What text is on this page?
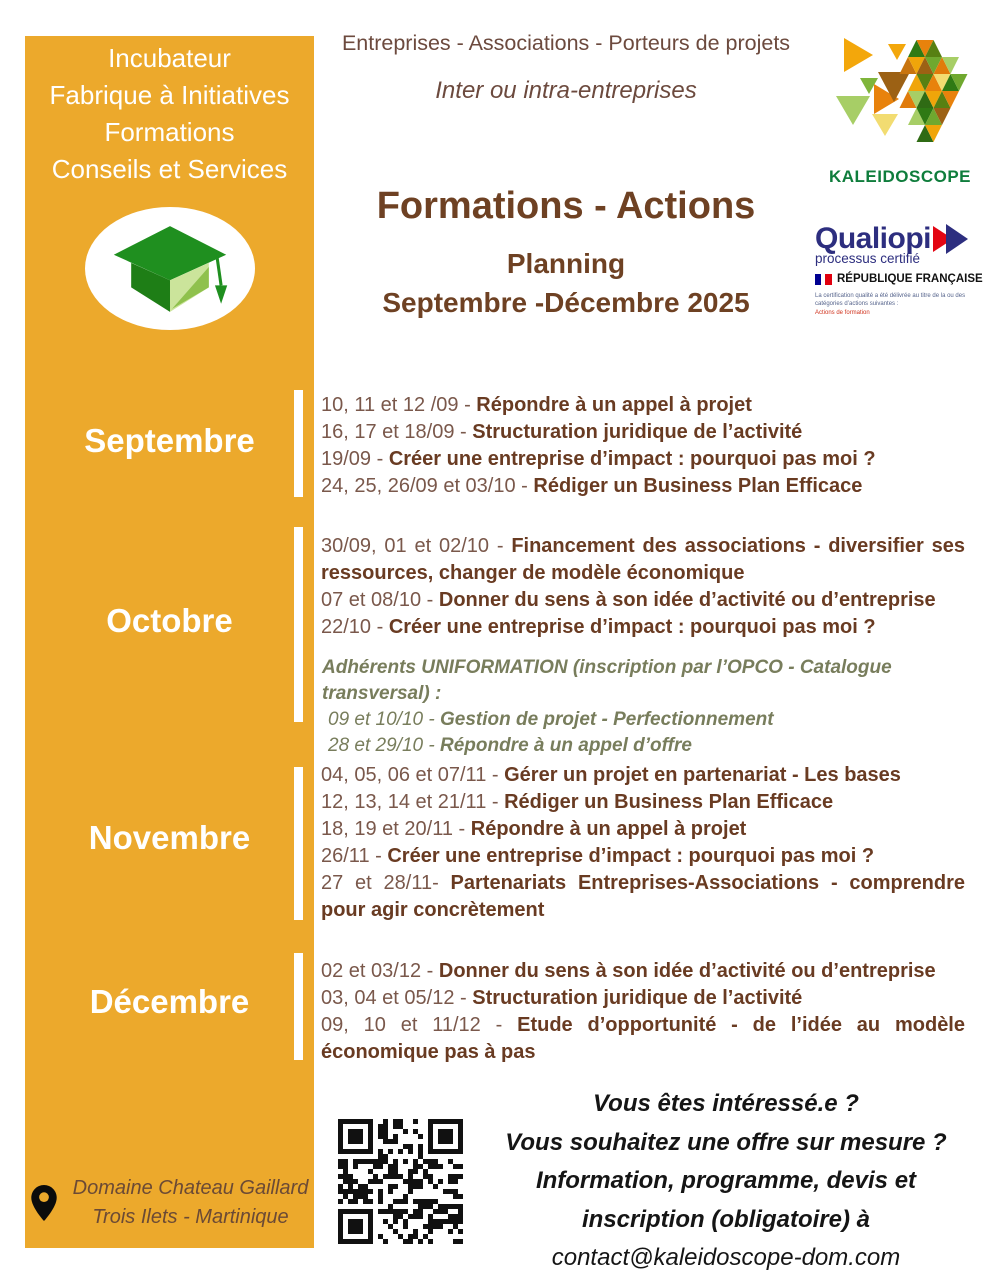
Incubateur
Fabrique à Initiatives
Formations
Conseils et Services
Septembre
Octobre
Novembre
Décembre
Domaine Chateau Gaillard
Trois Ilets - Martinique
Entreprises - Associations - Porteurs de projets
Inter ou intra-entreprises
KALEIDOSCOPE
Formations - Actions
Planning
Septembre -Décembre 2025
Qualiopi
processus certifié
RÉPUBLIQUE FRANÇAISE
La certification qualité a été délivrée au titre de la ou des catégories d’actions suivantes :
Actions de formation

10, 11 et 12 /09 - Répondre à un appel à projet

16, 17 et 18/09 - Structuration juridique de l’activité

19/09 - Créer une entreprise d’impact : pourquoi pas moi ?

24, 25, 26/09 et 03/10 - Rédiger un Business Plan Efficace

30/09, 01 et 02/10 - Financement des associations - diversifier ses ressources, changer de modèle économique

07 et 08/10 - Donner du sens à son idée d’activité ou d’entreprise

22/10 - Créer une entreprise d’impact : pourquoi pas moi ?

Adhérents UNIFORMATION (inscription par l’OPCO - Catalogue transversal) :

09 et 10/10 - Gestion de projet - Perfectionnement

28 et 29/10 - Répondre à un appel d’offre

04, 05, 06 et 07/11 - Gérer un projet en partenariat - Les bases

12, 13, 14 et 21/11 - Rédiger un Business Plan Efficace

18, 19 et 20/11 - Répondre à un appel à projet

26/11 - Créer une entreprise d’impact : pourquoi pas moi ?

27 et 28/11- Partenariats Entreprises-Associations - comprendre pour agir concrètement

02 et 03/12 - Donner du sens à son idée d’activité ou d’entreprise

03, 04 et 05/12 - Structuration juridique de l’activité

09, 10 et 11/12 - Etude d’opportunité - de l’idée au modèle économique pas à pas

Vous êtes intéressé.e ?
Vous souhaitez une offre sur mesure ?
Information, programme, devis et
inscription (obligatoire) à
contact@kaleidoscope-dom.com
